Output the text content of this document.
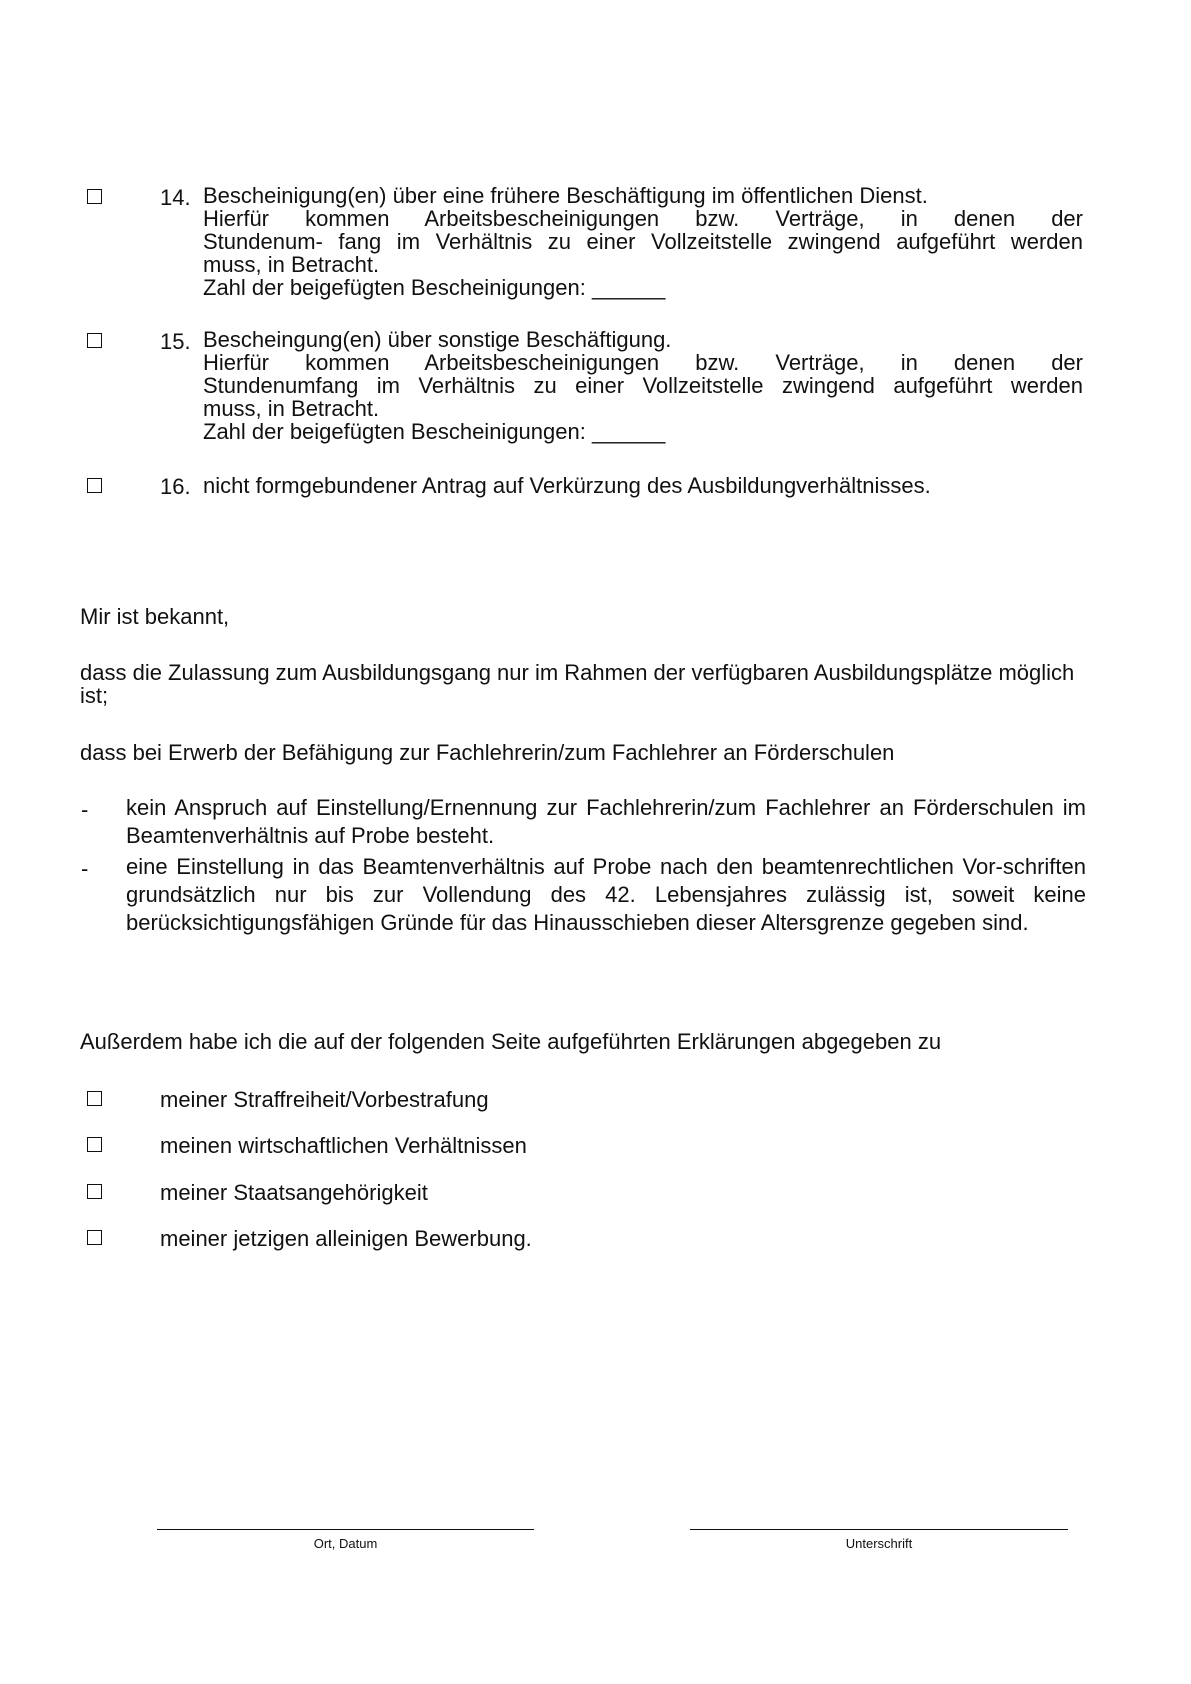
14. Bescheinigung(en) über eine frühere Beschäftigung im öffentlichen Dienst.
Hierfür kommen Arbeitsbescheinigungen bzw. Verträge, in denen der
Stundenum- fang im Verhältnis zu einer Vollzeitstelle zwingend aufgeführt werden
muss, in Betracht.
Zahl der beigefügten Bescheinigungen: ______
15. Bescheingung(en) über sonstige Beschäftigung.
Hierfür kommen Arbeitsbescheinigungen bzw. Verträge, in denen der
Stundenumfang im Verhältnis zu einer Vollzeitstelle zwingend aufgeführt werden
muss, in Betracht.
Zahl der beigefügten Bescheinigungen: ______
16. nicht formgebundener Antrag auf Verkürzung des Ausbildungverhältnisses.
Mir ist bekannt,
dass die Zulassung zum Ausbildungsgang nur im Rahmen der verfügbaren Ausbildungsplätze möglich ist;
dass bei Erwerb der Befähigung zur Fachlehrerin/zum Fachlehrer an Förderschulen
- kein Anspruch auf Einstellung/Ernennung zur Fachlehrerin/zum Fachlehrer an Förderschulen im Beamtenverhältnis auf Probe besteht.
- eine Einstellung in das Beamtenverhältnis auf Probe nach den beamtenrechtlichen Vor-schriften grundsätzlich nur bis zur Vollendung des 42. Lebensjahres zulässig ist, soweit keine berücksichtigungsfähigen Gründe für das Hinausschieben dieser Altersgrenze gegeben sind.
Außerdem habe ich die auf der folgenden Seite aufgeführten Erklärungen abgegeben zu
meiner Straffreiheit/Vorbestrafung
meinen wirtschaftlichen Verhältnissen
meiner Staatsangehörigkeit
meiner jetzigen alleinigen Bewerbung.
Ort, Datum	Unterschrift
